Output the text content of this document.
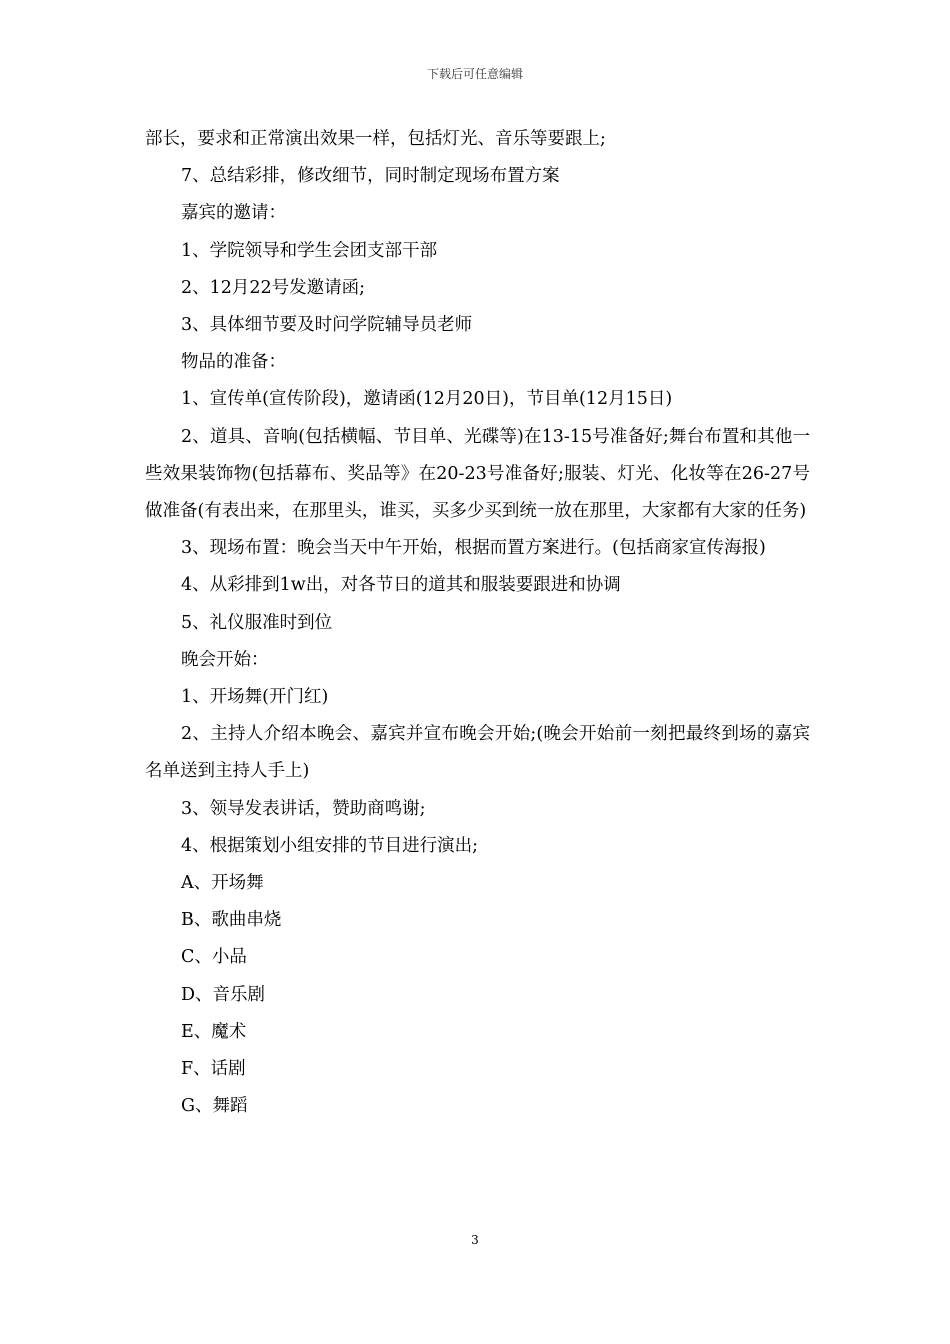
下载后可任意编辑

部长，要求和正常演出效果一样，包括灯光、音乐等要跟上;

7、总结彩排，修改细节，同时制定现场布置方案

嘉宾的邀请：

1、学院领导和学生会团支部干部

2、12月22号发邀请函;

3、具体细节要及时问学院辅导员老师

物品的准备：

1、宣传单(宣传阶段)，邀请函(12月20日)，节目单(12月15日)

2、道具、音响(包括横幅、节目单、光碟等)在13-15号准备好;舞台布置和其他一些效果装饰物(包括幕布、奖品等》在20-23号准备好;服装、灯光、化妆等在26-27号做准备(有表出来，在那里头，谁买，买多少买到统一放在那里，大家都有大家的任务)

3、现场布置：晚会当天中午开始，根据而置方案进行。(包括商家宣传海报)

4、从彩排到1w出，对各节日的道其和服装要跟进和协调

5、礼仪服准时到位

晚会开始：

1、开场舞(开门红)

2、主持人介绍本晚会、嘉宾并宣布晚会开始;(晚会开始前一刻把最终到场的嘉宾名单送到主持人手上)

3、领导发表讲话，赞助商鸣谢;

4、根据策划小组安排的节目进行演出;

A、开场舞

B、歌曲串烧

C、小品

D、音乐剧

E、魔术

F、话剧

G、舞蹈

3
